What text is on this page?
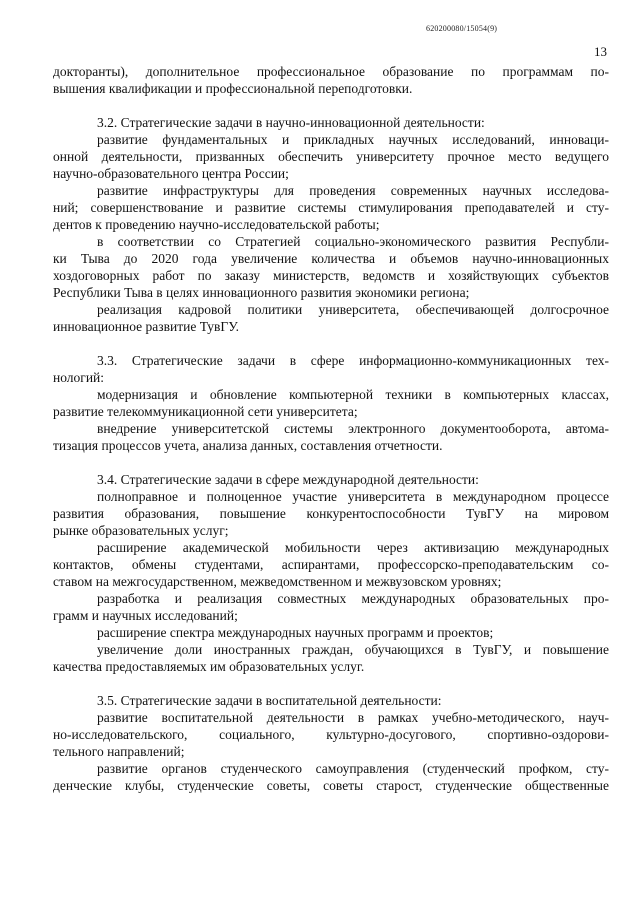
620200080/15054(9)
13
докторанты), дополнительное профессиональное образование по программам по-
вышения квалификации и профессиональной переподготовки.
3.2. Стратегические задачи в научно-инновационной деятельности:
развитие фундаментальных и прикладных научных исследований, инноваци-
онной деятельности, призванных обеспечить университету прочное место ведущего
научно-образовательного центра России;
развитие инфраструктуры для проведения современных научных исследова-
ний; совершенствование и развитие системы стимулирования преподавателей и сту-
дентов к проведению научно-исследовательской работы;
в соответствии со Стратегией социально-экономического развития Республи-
ки Тыва до 2020 года увеличение количества и объемов научно-инновационных
хоздоговорных работ по заказу министерств, ведомств и хозяйствующих субъектов
Республики Тыва в целях инновационного развития экономики региона;
реализация кадровой политики университета, обеспечивающей долгосрочное
инновационное развитие ТувГУ.
3.3. Стратегические задачи в сфере информационно-коммуникационных тех-
нологий:
модернизация и обновление компьютерной техники в компьютерных классах,
развитие телекоммуникационной сети университета;
внедрение университетской системы электронного документооборота, автома-
тизация процессов учета, анализа данных, составления отчетности.
3.4. Стратегические задачи в сфере международной деятельности:
полноправное и полноценное участие университета в международном процессе
развития образования, повышение конкурентоспособности ТувГУ на мировом
рынке образовательных услуг;
расширение академической мобильности через активизацию международных
контактов, обмены студентами, аспирантами, профессорско-преподавательским со-
ставом на межгосударственном, межведомственном и межвузовском уровнях;
разработка и реализация совместных международных образовательных про-
грамм и научных исследований;
расширение спектра международных научных программ и проектов;
увеличение доли иностранных граждан, обучающихся в ТувГУ, и повышение
качества предоставляемых им образовательных услуг.
3.5. Стратегические задачи в воспитательной деятельности:
развитие воспитательной деятельности в рамках учебно-методического, науч-
но-исследовательского, социального, культурно-досугового, спортивно-оздорови-
тельного направлений;
развитие органов студенческого самоуправления (студенческий профком, сту-
денческие клубы, студенческие советы, советы старост, студенческие общественные
